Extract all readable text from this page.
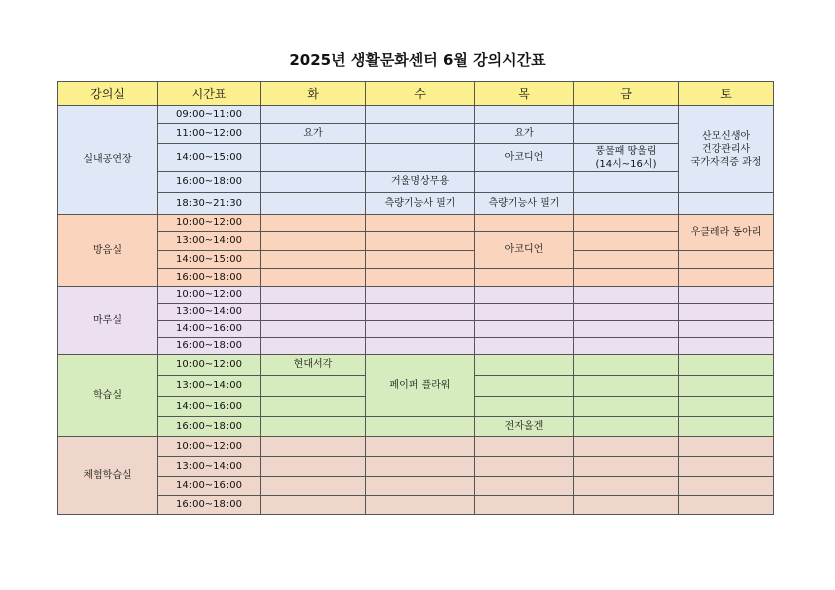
2025년 생활문화센터 6월 강의시간표
강의실	시간표	화	수	목	금	토
실내공연장	09:00~11:00					산모신생아
건강관리사
국가자격증 과정

	11:00~12:00	요가		요가		
	14:00~15:00			아코디언	풍물패 땅울림
(14시~16시)	

	16:00~18:00		거울명상무용			
	18:30~21:30		측량기능사 필기	측량기능사 필기		
방음실	10:00~12:00					우클레라 동아리
	13:00~14:00			아코디언		
	14:00~15:00					
	16:00~18:00					
마루실	10:00~12:00					
	13:00~14:00					
	14:00~16:00					
	16:00~18:00					
학습실	10:00~12:00	현대서각	페이퍼 플라워			
	13:00~14:00					
	14:00~16:00					
	16:00~18:00			전자올겐		
체험학습실	10:00~12:00					
	13:00~14:00					
	14:00~16:00					
	16:00~18:00					
